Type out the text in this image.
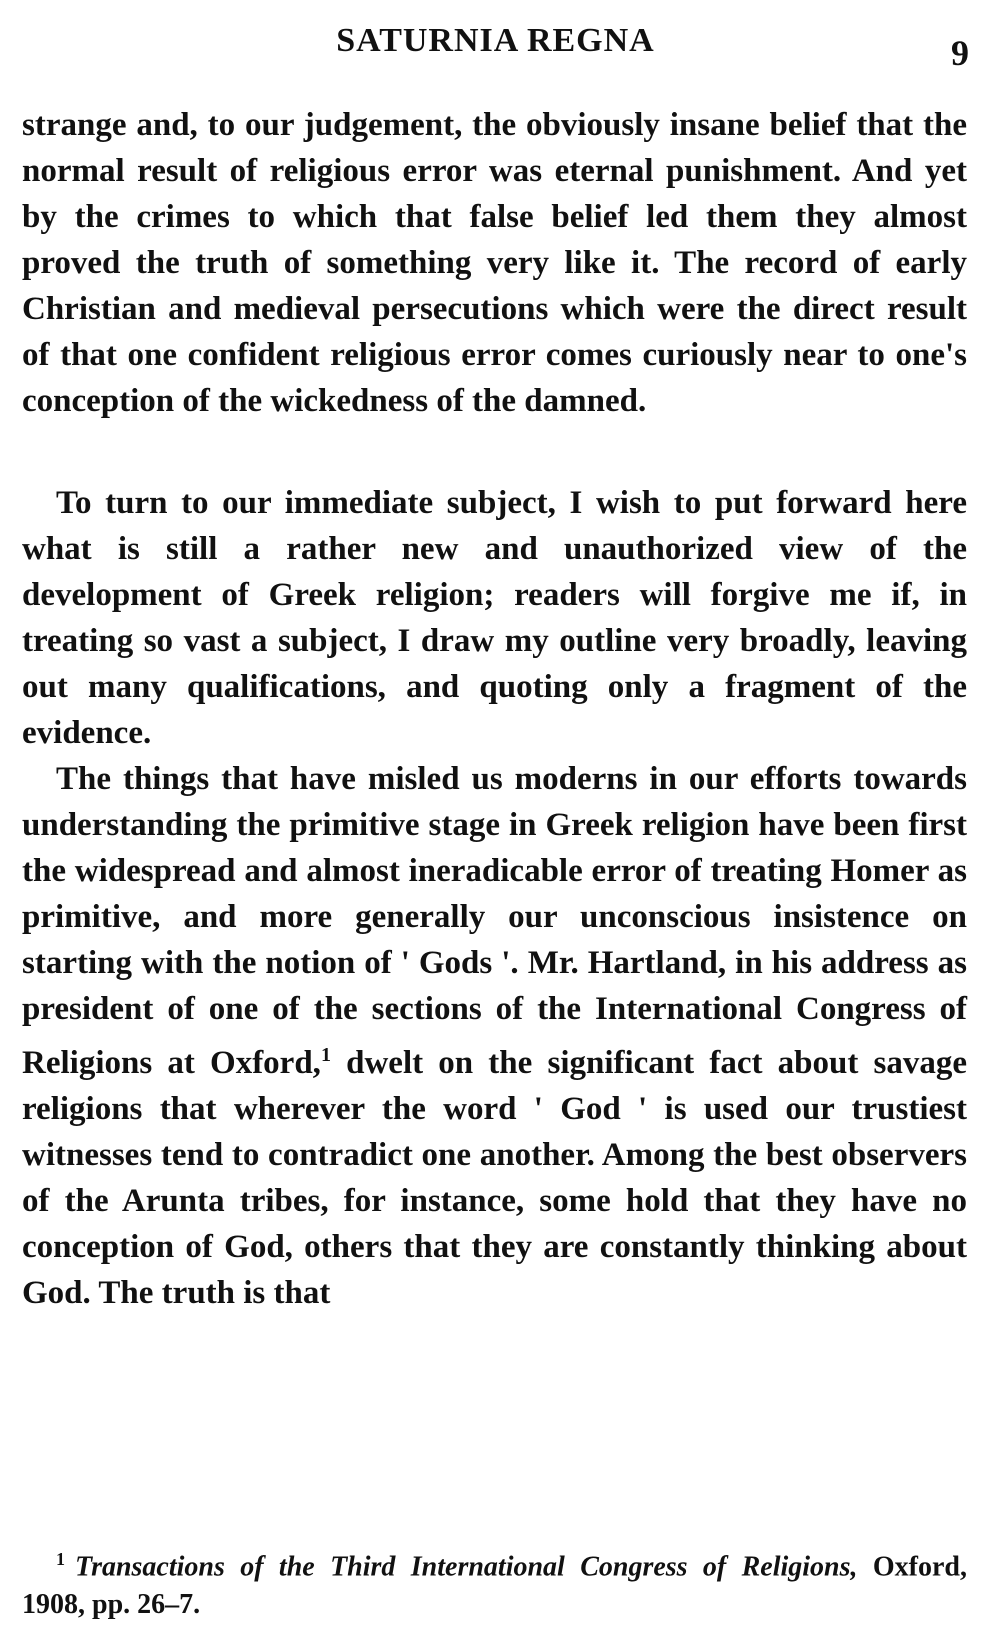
SATURNIA REGNA	9

strange and, to our judgement, the obviously insane belief that the normal result of religious error was eternal punishment. And yet by the crimes to which that false belief led them they almost proved the truth of something very like it. The record of early Christian and medieval persecutions which were the direct result of that one confident religious error comes curiously near to one's conception of the wickedness of the damned.

To turn to our immediate subject, I wish to put forward here what is still a rather new and unauthorized view of the development of Greek religion; readers will forgive me if, in treating so vast a subject, I draw my outline very broadly, leaving out many qualifications, and quoting only a fragment of the evidence.

The things that have misled us moderns in our efforts towards understanding the primitive stage in Greek religion have been first the widespread and almost ineradicable error of treating Homer as primitive, and more generally our unconscious insistence on starting with the notion of ' Gods '. Mr. Hartland, in his address as president of one of the sections of the International Congress of Religions at Oxford,$^1$ dwelt on the significant fact about savage religions that wherever the word ' God ' is used our trustiest witnesses tend to contradict one another. Among the best observers of the Arunta tribes, for instance, some hold that they have no conception of God, others that they are constantly thinking about God. The truth is that

$^1$ Transactions of the Third International Congress of Religions, Oxford, 1908, pp. 26–7.
